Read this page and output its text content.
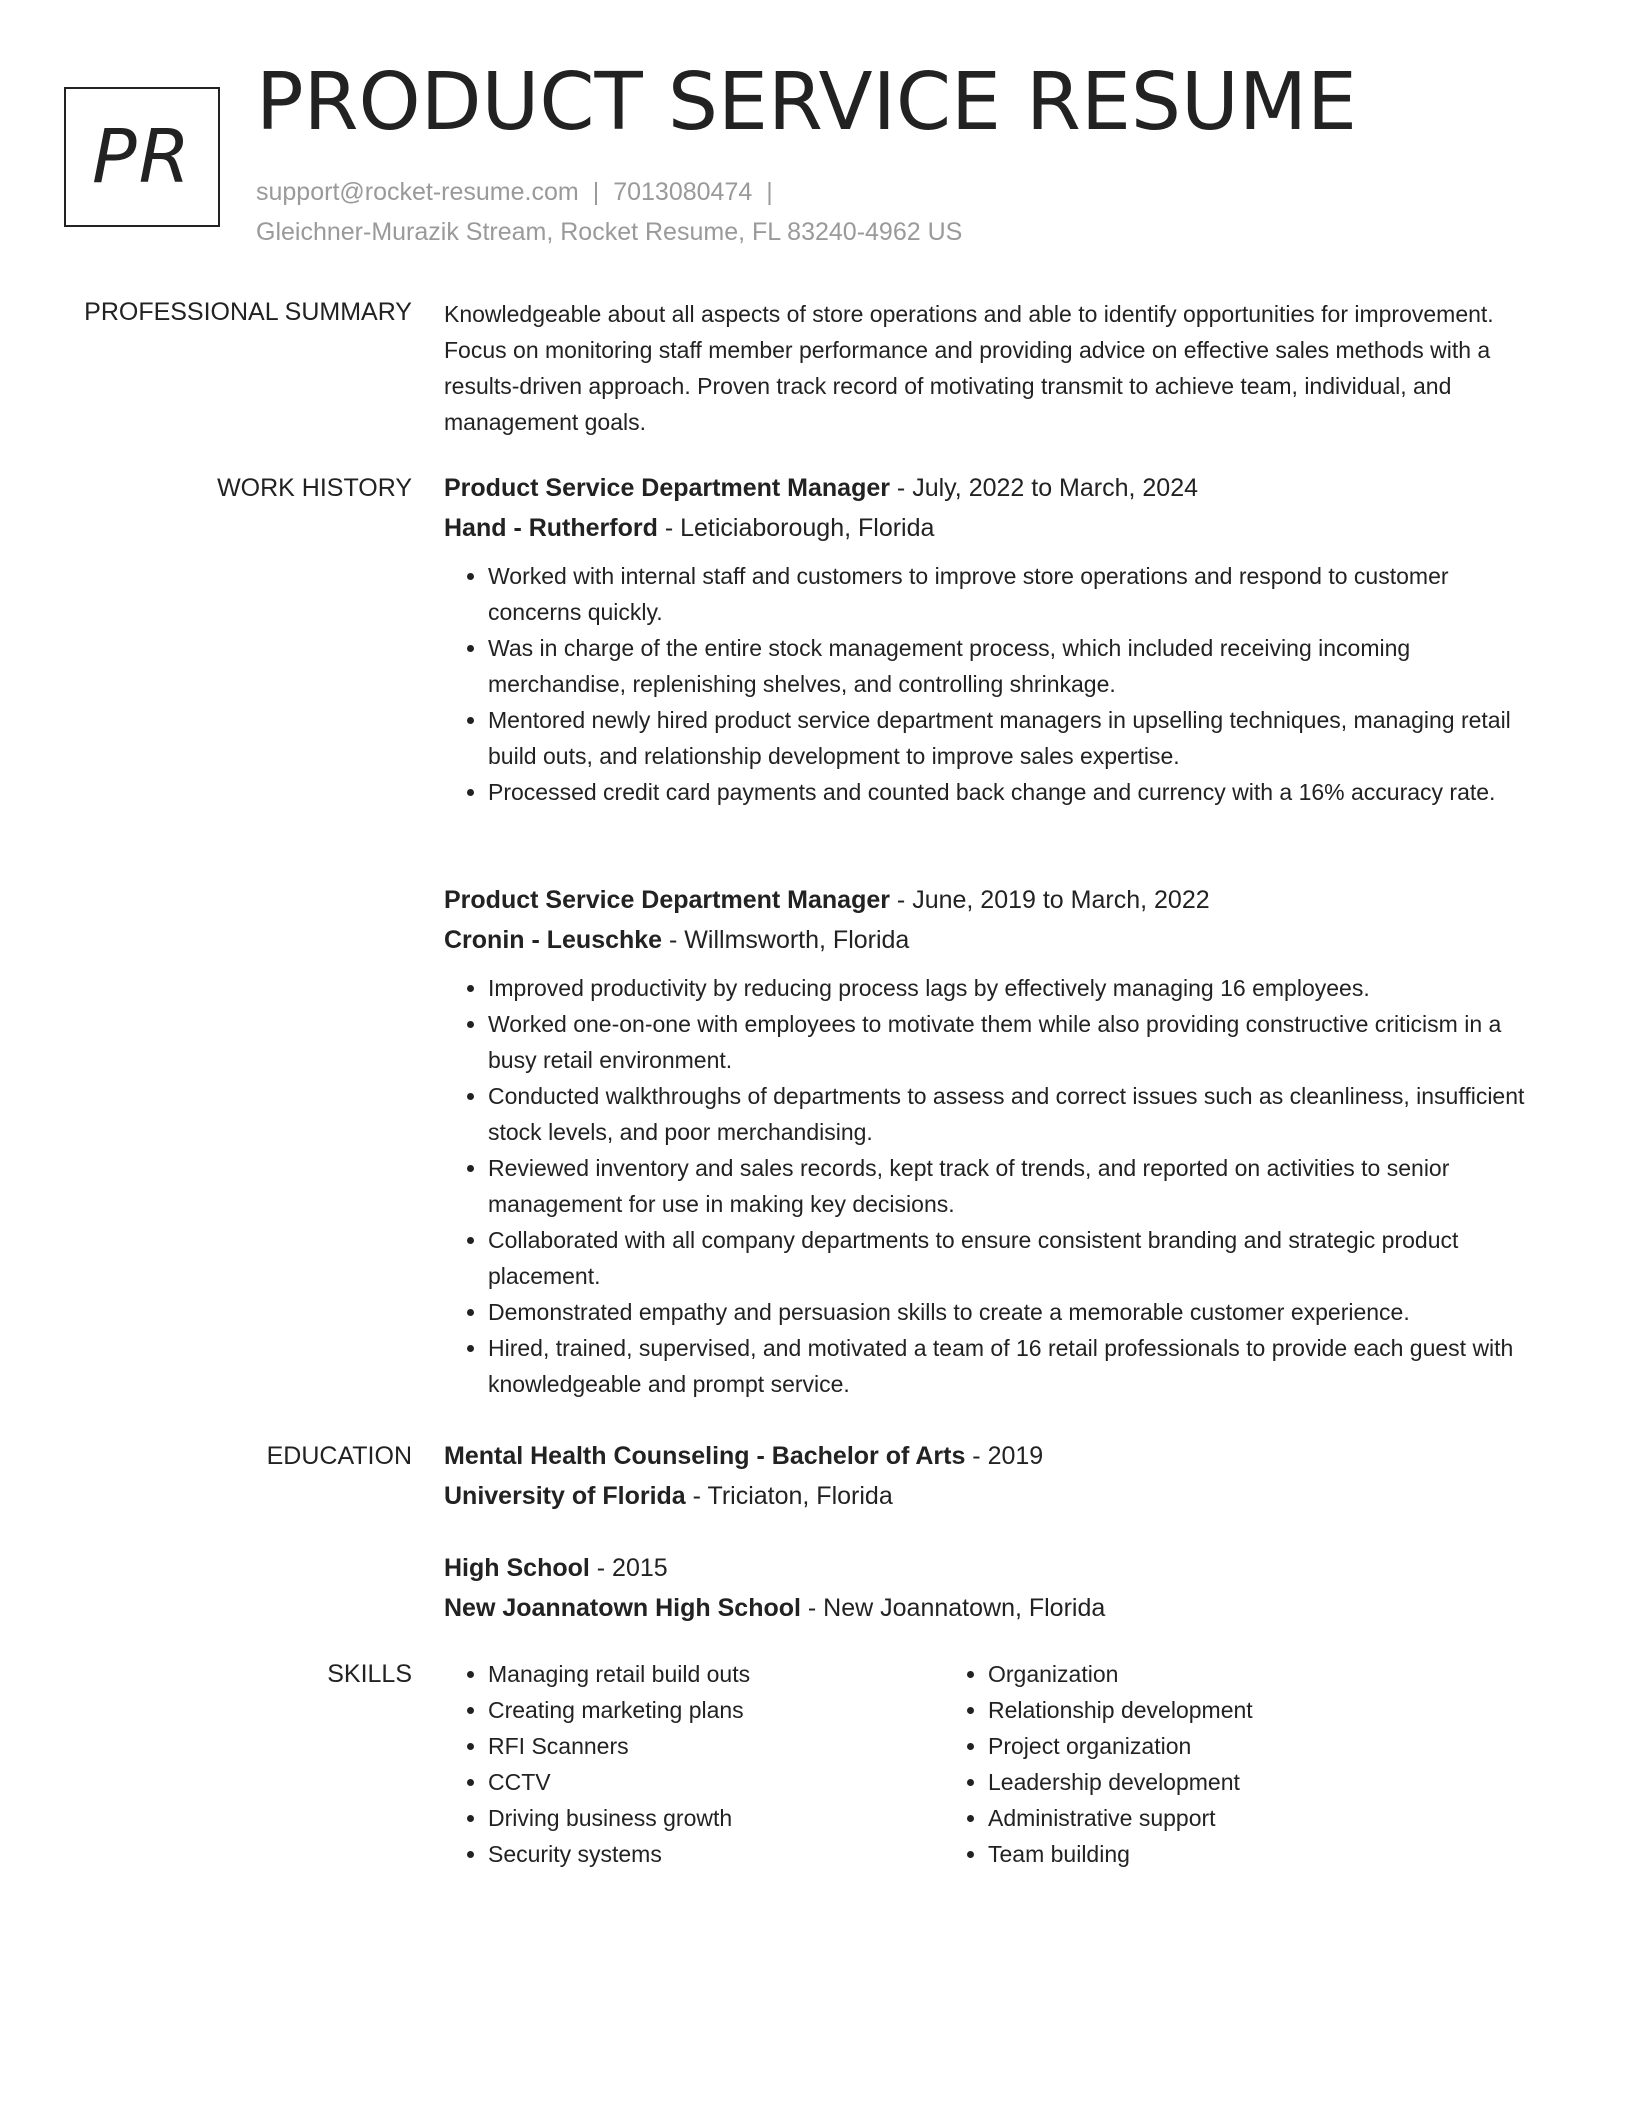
PR
PRODUCT SERVICE RESUME
support@rocket-resume.com | 7013080474 |
Gleichner-Murazik Stream, Rocket Resume, FL 83240-4962 US
PROFESSIONAL SUMMARY Knowledgeable about all aspects of store operations and able to identify opportunities for improvement. Focus on monitoring staff member performance and providing advice on effective sales methods with a results-driven approach. Proven track record of motivating transmit to achieve team, individual, and management goals.

WORK HISTORY Product Service Department Manager - July, 2022 to March, 2024
Hand - Rutherford - Leticiaborough, Florida
• Worked with internal staff and customers to improve store operations and respond to customer concerns quickly.
• Was in charge of the entire stock management process, which included receiving incoming merchandise, replenishing shelves, and controlling shrinkage.
• Mentored newly hired product service department managers in upselling techniques, managing retail build outs, and relationship development to improve sales expertise.
• Processed credit card payments and counted back change and currency with a 16% accuracy rate.
Product Service Department Manager - June, 2019 to March, 2022
Cronin - Leuschke - Willmsworth, Florida
• Improved productivity by reducing process lags by effectively managing 16 employees.
• Worked one-on-one with employees to motivate them while also providing constructive criticism in a busy retail environment.
• Conducted walkthroughs of departments to assess and correct issues such as cleanliness, insufficient stock levels, and poor merchandising.
• Reviewed inventory and sales records, kept track of trends, and reported on activities to senior management for use in making key decisions.
• Collaborated with all company departments to ensure consistent branding and strategic product placement.
• Demonstrated empathy and persuasion skills to create a memorable customer experience.
• Hired, trained, supervised, and motivated a team of 16 retail professionals to provide each guest with knowledgeable and prompt service.
EDUCATION Mental Health Counseling - Bachelor of Arts - 2019
University of Florida - Triciaton, Florida
High School - 2015
New Joannatown High School - New Joannatown, Florida
SKILLS
•	Managing retail build outs
• Creating marketing plans
• RFI Scanners
• CCTV
• Driving business growth
• Security systems
• Organization
• Relationship development
• Project organization
• Leadership development
• Administrative support
• Team building
